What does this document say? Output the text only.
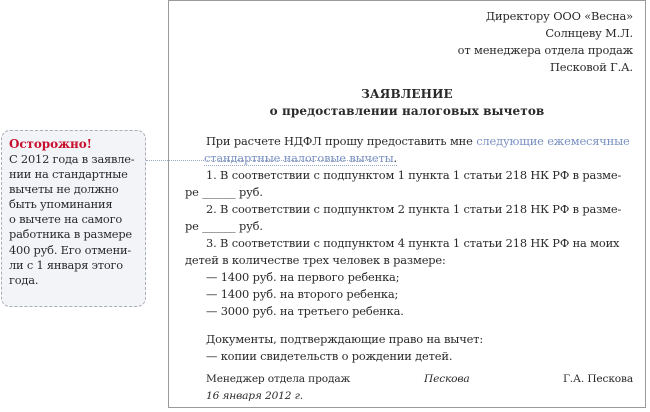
Директору ООО «Весна»
Солнцеву М.Л.
от менеджера отдела продаж
Песковой Г.А.
ЗАЯВЛЕНИЕ
о предоставлении налоговых вычетов
При расчете НДФЛ прошу предоставить мне следующие ежемесячные
стандартные налоговые вычеты.
1. В соответствии с подпунктом 1 пункта 1 статьи 218 НК РФ в разме-
ре ______ руб.
2. В соответствии с подпунктом 2 пункта 1 статьи 218 НК РФ в разме-
ре ______ руб.
3. В соответствии с подпунктом 4 пункта 1 статьи 218 НК РФ на моих
детей в количестве трех человек в размере:
— 1400 руб. на первого ребенка;
— 1400 руб. на второго ребенка;
— 3000 руб. на третьего ребенка.
Документы, подтверждающие право на вычет:
— копии свидетельств о рождении детей.
Менеджер отдела продаж	Пескова	Г.А. Пескова
16 января 2012 г.
Осторожно!
С 2012 года в заявле-
нии на стандартные
вычеты не должно
быть упоминания
о вычете на самого
работника в размере
400 руб. Его отмени-
ли с 1 января этого
года.
